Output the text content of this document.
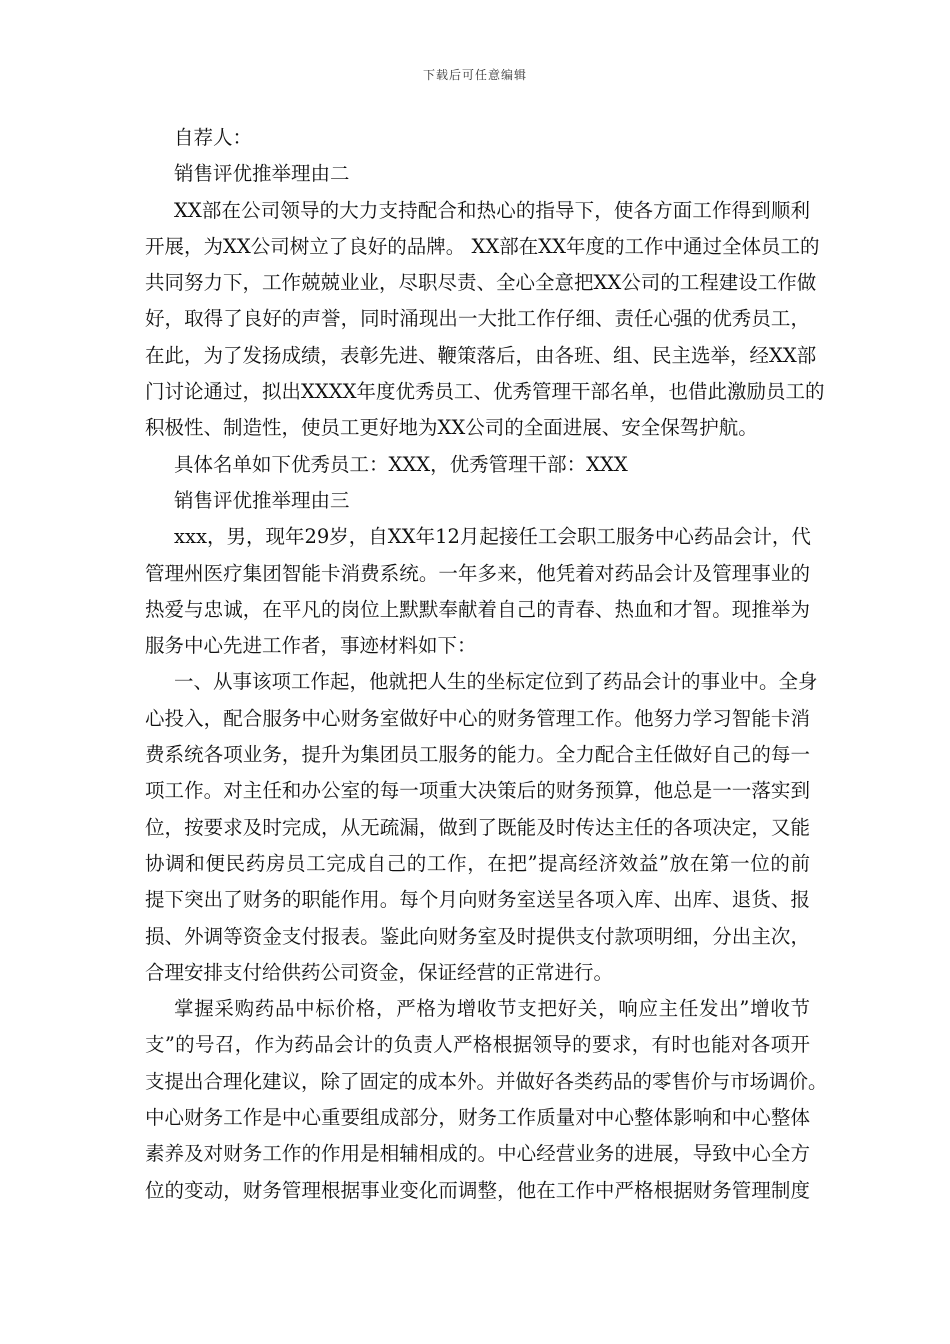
下载后可任意编辑
自荐人：
销售评优推举理由二
XX部在公司领导的大力支持配合和热心的指导下，使各方面工作得到顺利
开展，为XX公司树立了良好的品牌。 XX部在XX年度的工作中通过全体员工的
共同努力下，工作兢兢业业，尽职尽责、全心全意把XX公司的工程建设工作做
好，取得了良好的声誉，同时涌现出一大批工作仔细、责任心强的优秀员工，
在此，为了发扬成绩，表彰先进、鞭策落后，由各班、组、民主选举，经XX部
门讨论通过，拟出XXXX年度优秀员工、优秀管理干部名单，也借此激励员工的
积极性、制造性，使员工更好地为XX公司的全面进展、安全保驾护航。
具体名单如下优秀员工：XXX，优秀管理干部：XXX
销售评优推举理由三
xxx，男，现年29岁，自XX年12月起接任工会职工服务中心药品会计，代
管理州医疗集团智能卡消费系统。一年多来，他凭着对药品会计及管理事业的
热爱与忠诚，在平凡的岗位上默默奉献着自己的青春、热血和才智。现推举为
服务中心先进工作者，事迹材料如下：
一、从事该项工作起，他就把人生的坐标定位到了药品会计的事业中。全身
心投入，配合服务中心财务室做好中心的财务管理工作。他努力学习智能卡消
费系统各项业务，提升为集团员工服务的能力。全力配合主任做好自己的每一
项工作。对主任和办公室的每一项重大决策后的财务预算，他总是一一落实到
位，按要求及时完成，从无疏漏，做到了既能及时传达主任的各项决定，又能
协调和便民药房员工完成自己的工作，在把”提高经济效益”放在第一位的前
提下突出了财务的职能作用。每个月向财务室送呈各项入库、出库、退货、报
损、外调等资金支付报表。鉴此向财务室及时提供支付款项明细，分出主次，
合理安排支付给供药公司资金，保证经营的正常进行。
掌握采购药品中标价格，严格为增收节支把好关，响应主任发出”增收节
支”的号召，作为药品会计的负责人严格根据领导的要求，有时也能对各项开
支提出合理化建议，除了固定的成本外。并做好各类药品的零售价与市场调价。
中心财务工作是中心重要组成部分，财务工作质量对中心整体影响和中心整体
素养及对财务工作的作用是相辅相成的。中心经营业务的进展，导致中心全方
位的变动，财务管理根据事业变化而调整，他在工作中严格根据财务管理制度
